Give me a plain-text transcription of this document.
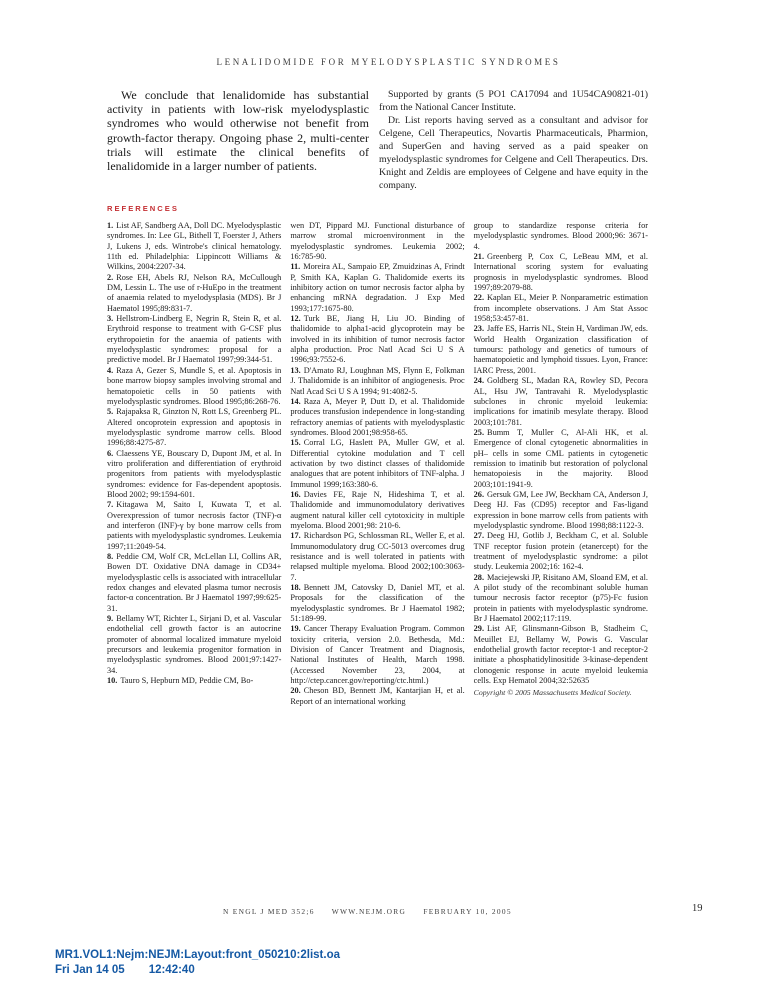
LENALIDOMIDE FOR MYELODYSPLASTIC SYNDROMES

We conclude that lenalidomide has substantial activity in patients with low-risk myelodysplastic syndromes who would otherwise not benefit from growth-factor therapy. Ongoing phase 2, multi-center trials will estimate the clinical benefits of lenalidomide in a larger number of patients.

Supported by grants (5 PO1 CA17094 and 1U54CA90821-01) from the National Cancer Institute.

Dr. List reports having served as a consultant and advisor for Celgene, Cell Therapeutics, Novartis Pharmaceuticals, Pharmion, and SuperGen and having served as a paid speaker on myelodysplastic syndromes for Celgene and Cell Therapeutics. Drs. Knight and Zeldis are employees of Celgene and have equity in the company.

REFERENCES

1. List AF, Sandberg AA, Doll DC. Myelodysplastic syndromes. In: Lee GL, Bithell T, Foerster J, Athers J, Lukens J, eds. Wintrobe's clinical hematology. 11th ed. Philadelphia: Lippincott Williams & Wilkins, 2004:2207-34.

2. Rose EH, Abels RJ, Nelson RA, McCullough DM, Lessin L. The use of r-HuEpo in the treatment of anaemia related to myelodysplasia (MDS). Br J Haematol 1995;89:831-7.

3. Hellstrom-Lindberg E, Negrin R, Stein R, et al. Erythroid response to treatment with G-CSF plus erythropoietin for the anaemia of patients with myelodysplastic syndromes: proposal for a predictive model. Br J Haematol 1997;99:344-51.

4. Raza A, Gezer S, Mundle S, et al. Apoptosis in bone marrow biopsy samples involving stromal and hematopoietic cells in 50 patients with myelodysplastic syndromes. Blood 1995;86:268-76.

5. Rajapaksa R, Ginzton N, Rott LS, Greenberg PL. Altered oncoprotein expression and apoptosis in myelodysplastic syndrome marrow cells. Blood 1996;88:4275-87.

6. Claessens YE, Bouscary D, Dupont JM, et al. In vitro proliferation and differentiation of erythroid progenitors from patients with myelodysplastic syndromes: evidence for Fas-dependent apoptosis. Blood 2002; 99:1594-601.

7. Kitagawa M, Saito I, Kuwata T, et al. Overexpression of tumor necrosis factor (TNF)-α and interferon (INF)-γ by bone marrow cells from patients with myelodysplastic syndromes. Leukemia 1997;11:2049-54.

8. Peddie CM, Wolf CR, McLellan LI, Collins AR, Bowen DT. Oxidative DNA damage in CD34+ myelodysplastic cells is associated with intracellular redox changes and elevated plasma tumor necrosis factor-α concentration. Br J Haematol 1997;99:625-31.

9. Bellamy WT, Richter L, Sirjani D, et al. Vascular endothelial cell growth factor is an autocrine promoter of abnormal localized immature myeloid precursors and leukemia progenitor formation in myelodysplastic syndromes. Blood 2001;97:1427-34.

10. Tauro S, Hepburn MD, Peddie CM, Bo-

wen DT, Pippard MJ. Functional disturbance of marrow stromal microenvironment in the myelodysplastic syndromes. Leukemia 2002; 16:785-90.

11. Moreira AL, Sampaio EP, Zmuidzinas A, Frindt P, Smith KA, Kaplan G. Thalidomide exerts its inhibitory action on tumor necrosis factor alpha by enhancing mRNA degradation. J Exp Med 1993;177:1675-80.

12. Turk BE, Jiang H, Liu JO. Binding of thalidomide to alpha1-acid glycoprotein may be involved in its inhibition of tumor necrosis factor alpha production. Proc Natl Acad Sci U S A 1996;93:7552-6.

13. D'Amato RJ, Loughnan MS, Flynn E, Folkman J. Thalidomide is an inhibitor of angiogenesis. Proc Natl Acad Sci U S A 1994; 91:4082-5.

14. Raza A, Meyer P, Dutt D, et al. Thalidomide produces transfusion independence in long-standing refractory anemias of patients with myelodysplastic syndromes. Blood 2001;98:958-65.

15. Corral LG, Haslett PA, Muller GW, et al. Differential cytokine modulation and T cell activation by two distinct classes of thalidomide analogues that are potent inhibitors of TNF-alpha. J Immunol 1999;163:380-6.

16. Davies FE, Raje N, Hideshima T, et al. Thalidomide and immunomodulatory derivatives augment natural killer cell cytotoxicity in multiple myeloma. Blood 2001;98: 210-6.

17. Richardson PG, Schlossman RL, Weller E, et al. Immunomodulatory drug CC-5013 overcomes drug resistance and is well tolerated in patients with relapsed multiple myeloma. Blood 2002;100:3063-7.

18. Bennett JM, Catovsky D, Daniel MT, et al. Proposals for the classification of the myelodysplastic syndromes. Br J Haematol 1982; 51:189-99.

19. Cancer Therapy Evaluation Program. Common toxicity criteria, version 2.0. Bethesda, Md.: Division of Cancer Treatment and Diagnosis, National Institutes of Health, March 1998. (Accessed November 23, 2004, at http://ctep.cancer.gov/reporting/ctc.html.)

20. Cheson BD, Bennett JM, Kantarjian H, et al. Report of an international working

group to standardize response criteria for myelodysplastic syndromes. Blood 2000;96: 3671-4.

21. Greenberg P, Cox C, LeBeau MM, et al. International scoring system for evaluating prognosis in myelodysplastic syndromes. Blood 1997;89:2079-88.

22. Kaplan EL, Meier P. Nonparametric estimation from incomplete observations. J Am Stat Assoc 1958;53:457-81.

23. Jaffe ES, Harris NL, Stein H, Vardiman JW, eds. World Health Organization classification of tumours: pathology and genetics of tumours of haematopoietic and lymphoid tissues. Lyon, France: IARC Press, 2001.

24. Goldberg SL, Madan RA, Rowley SD, Pecora AL, Hsu JW, Tantravahi R. Myelodysplastic subclones in chronic myeloid leukemia: implications for imatinib mesylate therapy. Blood 2003;101:781.

25. Bumm T, Muller C, Al-Ali HK, et al. Emergence of clonal cytogenetic abnormalities in pH– cells in some CML patients in cytogenetic remission to imatinib but restoration of polyclonal hematopoiesis in the majority. Blood 2003;101:1941-9.

26. Gersuk GM, Lee JW, Beckham CA, Anderson J, Deeg HJ. Fas (CD95) receptor and Fas-ligand expression in bone marrow cells from patients with myelodysplastic syndrome. Blood 1998;88:1122-3.

27. Deeg HJ, Gotlib J, Beckham C, et al. Soluble TNF receptor fusion protein (etanercept) for the treatment of myelodysplastic syndrome: a pilot study. Leukemia 2002;16: 162-4.

28. Maciejewski JP, Risitano AM, Sloand EM, et al. A pilot study of the recombinant soluble human tumour necrosis factor receptor (p75)-Fc fusion protein in patients with myelodysplastic syndrome. Br J Haematol 2002;117:119.

29. List AF, Glinsmann-Gibson B, Stadheim C, Meuillet EJ, Bellamy W, Powis G. Vascular endothelial growth factor receptor-1 and receptor-2 initiate a phosphatidylinositide 3-kinase-dependent clonogenic response in acute myeloid leukemia cells. Exp Hematol 2004;32:52635

Copyright © 2005 Massachusetts Medical Society.

N ENGL J MED 352;6 WWW.NEJM.ORG FEBRUARY 10, 2005	19
MR1.VOL1:Nejm:NEJM:Layout:front_050210:2list.oa
Fri Jan 14 05 12:42:40
